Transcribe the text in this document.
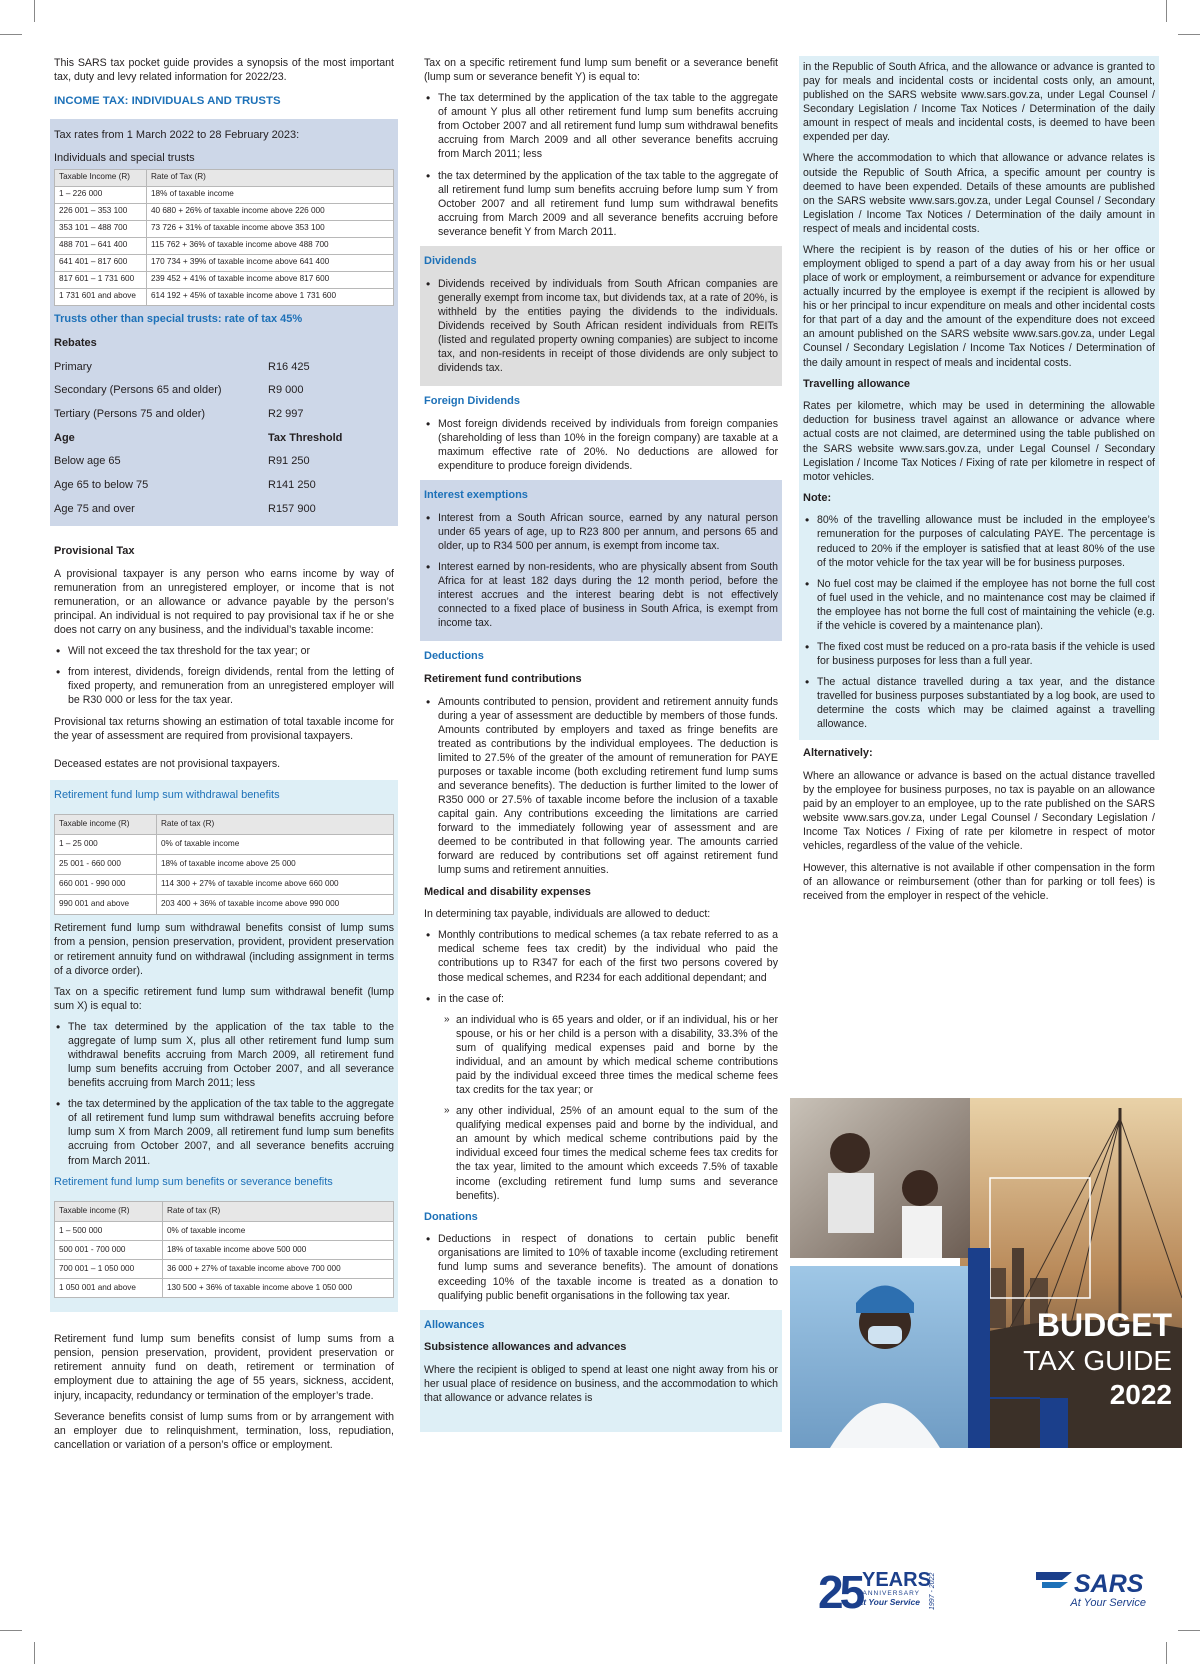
This SARS tax pocket guide provides a synopsis of the most important tax, duty and levy related information for 2022/23.

INCOME TAX: INDIVIDUALS AND TRUSTS
Tax rates from 1 March 2022 to 28 February 2023:
Individuals and special trusts
Taxable Income (R)	Rate of Tax (R)
1 – 226 000	18% of taxable income
226 001 – 353 100	40 680 + 26% of taxable income above 226 000
353 101 – 488 700	73 726 + 31% of taxable income above 353 100
488 701 – 641 400	115 762 + 36% of taxable income above 488 700
641 401 – 817 600	170 734 + 39% of taxable income above 641 400
817 601 – 1 731 600	239 452 + 41% of taxable income above 817 600
1 731 601 and above	614 192 + 45% of taxable income above 1 731 600
Trusts other than special trusts: rate of tax 45%
Rebates
Primary	R16 425
Secondary (Persons 65 and older)	R9 000
Tertiary (Persons 75 and older)	R2 997
Age	Tax Threshold
Below age 65	R91 250
Age 65 to below 75	R141 250
Age 75 and over	R157 900
Provisional Tax

A provisional taxpayer is any person who earns income by way of remuneration from an unregistered employer, or income that is not remuneration, or an allowance or advance payable by the person’s principal. An individual is not required to pay provisional tax if he or she does not carry on any business, and the individual’s taxable income:

• Will not exceed the tax threshold for the tax year; or
• from interest, dividends, foreign dividends, rental from the letting of fixed property, and remuneration from an unregistered employer will be R30 000 or less for the tax year.

Provisional tax returns showing an estimation of total taxable income for the year of assessment are required from provisional taxpayers.

Deceased estates are not provisional taxpayers.

Retirement fund lump sum withdrawal benefits
Taxable income (R)	Rate of tax (R)
1 – 25 000	0% of taxable income
25 001 - 660 000	18% of taxable income above 25 000
660 001 - 990 000	114 300 + 27% of taxable income above 660 000
990 001 and above	203 400 + 36% of taxable income above 990 000

Retirement fund lump sum withdrawal benefits consist of lump sums from a pension, pension preservation, provident, provident preservation or retirement annuity fund on withdrawal (including assignment in terms of a divorce order).

Tax on a specific retirement fund lump sum withdrawal benefit (lump sum X) is equal to:

• The tax determined by the application of the tax table to the aggregate of lump sum X, plus all other retirement fund lump sum withdrawal benefits accruing from March 2009, all retirement fund lump sum benefits accruing from October 2007, and all severance benefits accruing from March 2011; less
• the tax determined by the application of the tax table to the aggregate of all retirement fund lump sum withdrawal benefits accruing before lump sum X from March 2009, all retirement fund lump sum benefits accruing from October 2007, and all severance benefits accruing from March 2011.
Retirement fund lump sum benefits or severance benefits
Taxable income (R)	Rate of tax (R)
1 – 500 000	0% of taxable income
500 001 - 700 000	18% of taxable income above 500 000
700 001 – 1 050 000	36 000 + 27% of taxable income above 700 000
1 050 001 and above	130 500 + 36% of taxable income above 1 050 000

Retirement fund lump sum benefits consist of lump sums from a pension, pension preservation, provident, provident preservation or retirement annuity fund on death, retirement or termination of employment due to attaining the age of 55 years, sickness, accident, injury, incapacity, redundancy or termination of the employer’s trade.

Severance benefits consist of lump sums from or by arrangement with an employer due to relinquishment, termination, loss, repudiation, cancellation or variation of a person’s office or employment.

Tax on a specific retirement fund lump sum benefit or a severance benefit (lump sum or severance benefit Y) is equal to:

• The tax determined by the application of the tax table to the aggregate of amount Y plus all other retirement fund lump sum benefits accruing from October 2007 and all retirement fund lump sum withdrawal benefits accruing from March 2009 and all other severance benefits accruing from March 2011; less
• the tax determined by the application of the tax table to the aggregate of all retirement fund lump sum benefits accruing before lump sum Y from October 2007 and all retirement fund lump sum withdrawal benefits accruing from March 2009 and all severance benefits accruing before severance benefit Y from March 2011.
Dividends
• Dividends received by individuals from South African companies are generally exempt from income tax, but dividends tax, at a rate of 20%, is withheld by the entities paying the dividends to the individuals. Dividends received by South African resident individuals from REITs (listed and regulated property owning companies) are subject to income tax, and non-residents in receipt of those dividends are only subject to dividends tax.
Foreign Dividends
• Most foreign dividends received by individuals from foreign companies (shareholding of less than 10% in the foreign company) are taxable at a maximum effective rate of 20%. No deductions are allowed for expenditure to produce foreign dividends.
Interest exemptions
• Interest from a South African source, earned by any natural person under 65 years of age, up to R23 800 per annum, and persons 65 and older, up to R34 500 per annum, is exempt from income tax.
• Interest earned by non-residents, who are physically absent from South Africa for at least 182 days during the 12 month period, before the interest accrues and the interest bearing debt is not effectively connected to a fixed place of business in South Africa, is exempt from income tax.
Deductions
Retirement fund contributions
• Amounts contributed to pension, provident and retirement annuity funds during a year of assessment are deductible by members of those funds. Amounts contributed by employers and taxed as fringe benefits are treated as contributions by the individual employees. The deduction is limited to 27.5% of the greater of the amount of remuneration for PAYE purposes or taxable income (both excluding retirement fund lump sums and severance benefits). The deduction is further limited to the lower of R350 000 or 27.5% of taxable income before the inclusion of a taxable capital gain. Any contributions exceeding the limitations are carried forward to the immediately following year of assessment and are deemed to be contributed in that following year. The amounts carried forward are reduced by contributions set off against retirement fund lump sums and retirement annuities.
Medical and disability expenses

In determining tax payable, individuals are allowed to deduct:

• Monthly contributions to medical schemes (a tax rebate referred to as a medical scheme fees tax credit) by the individual who paid the contributions up to R347 for each of the first two persons covered by those medical schemes, and R234 for each additional dependant; and
• in the case of:
» an individual who is 65 years and older, or if an individual, his or her spouse, or his or her child is a person with a disability, 33.3% of the sum of qualifying medical expenses paid and borne by the individual, and an amount by which medical scheme contributions paid by the individual exceed three times the medical scheme fees tax credits for the tax year; or
» any other individual, 25% of an amount equal to the sum of the qualifying medical expenses paid and borne by the individual, and an amount by which medical scheme contributions paid by the individual exceed four times the medical scheme fees tax credits for the tax year, limited to the amount which exceeds 7.5% of taxable income (excluding retirement fund lump sums and severance benefits).
Donations
• Deductions in respect of donations to certain public benefit organisations are limited to 10% of taxable income (excluding retirement fund lump sums and severance benefits). The amount of donations exceeding 10% of the taxable income is treated as a donation to qualifying public benefit organisations in the following tax year.
Allowances
Subsistence allowances and advances

Where the recipient is obliged to spend at least one night away from his or her usual place of residence on business, and the accommodation to which that allowance or advance relates is

in the Republic of South Africa, and the allowance or advance is granted to pay for meals and incidental costs or incidental costs only, an amount, published on the SARS website www.sars.gov.za, under Legal Counsel / Secondary Legislation / Income Tax Notices / Determination of the daily amount in respect of meals and incidental costs, is deemed to have been expended per day.

Where the accommodation to which that allowance or advance relates is outside the Republic of South Africa, a specific amount per country is deemed to have been expended. Details of these amounts are published on the SARS website www.sars.gov.za, under Legal Counsel / Secondary Legislation / Income Tax Notices / Determination of the daily amount in respect of meals and incidental costs.

Where the recipient is by reason of the duties of his or her office or employment obliged to spend a part of a day away from his or her usual place of work or employment, a reimbursement or advance for expenditure actually incurred by the employee is exempt if the recipient is allowed by his or her principal to incur expenditure on meals and other incidental costs for that part of a day and the amount of the expenditure does not exceed an amount published on the SARS website www.sars.gov.za, under Legal Counsel / Secondary Legislation / Income Tax Notices / Determination of the daily amount in respect of meals and incidental costs.

Travelling allowance

Rates per kilometre, which may be used in determining the allowable deduction for business travel against an allowance or advance where actual costs are not claimed, are determined using the table published on the SARS website www.sars.gov.za, under Legal Counsel / Secondary Legislation / Income Tax Notices / Fixing of rate per kilometre in respect of motor vehicles.

Note:
• 80% of the travelling allowance must be included in the employee’s remuneration for the purposes of calculating PAYE. The percentage is reduced to 20% if the employer is satisfied that at least 80% of the use of the motor vehicle for the tax year will be for business purposes.
• No fuel cost may be claimed if the employee has not borne the full cost of fuel used in the vehicle, and no maintenance cost may be claimed if the employee has not borne the full cost of maintaining the vehicle (e.g. if the vehicle is covered by a maintenance plan).
• The fixed cost must be reduced on a pro-rata basis if the vehicle is used for business purposes for less than a full year.
• The actual distance travelled during a tax year, and the distance travelled for business purposes substantiated by a log book, are used to determine the costs which may be claimed against a travelling allowance.
Alternatively:

Where an allowance or advance is based on the actual distance travelled by the employee for business purposes, no tax is payable on an allowance paid by an employer to an employee, up to the rate published on the SARS website www.sars.gov.za, under Legal Counsel / Secondary Legislation / Income Tax Notices / Fixing of rate per kilometre in respect of motor vehicles, regardless of the value of the vehicle.

However, this alternative is not available if other compensation in the form of an allowance or reimbursement (other than for parking or toll fees) is received from the employer in respect of the vehicle.

BUDGET
TAX GUIDE
2022
25 YEARS
ANNIVERSARY
At Your Service 1997 - 2022	SARS
At Your Service
